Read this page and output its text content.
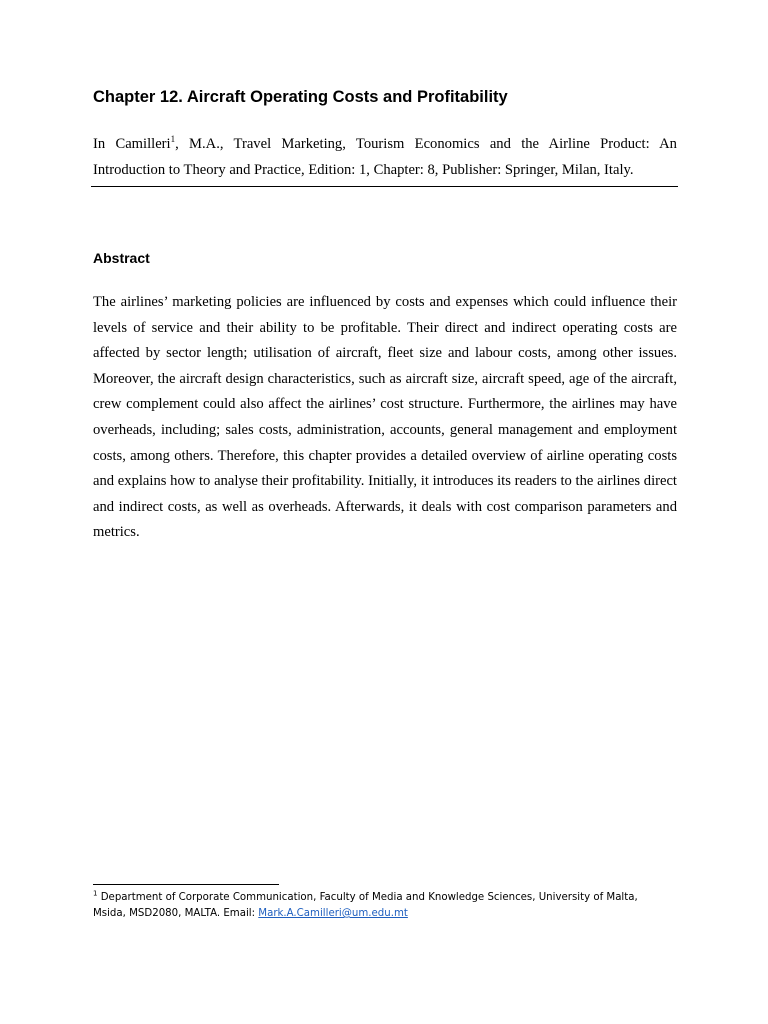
Chapter 12. Aircraft Operating Costs and Profitability

In Camilleri$^1$, M.A., Travel Marketing, Tourism Economics and the Airline Product: An Introduction to Theory and Practice, Edition: 1, Chapter: 8, Publisher: Springer, Milan, Italy.

Abstract

The airlines’ marketing policies are influenced by costs and expenses which could influence their levels of service and their ability to be profitable. Their direct and indirect operating costs are affected by sector length; utilisation of aircraft, fleet size and labour costs, among other issues. Moreover, the aircraft design characteristics, such as aircraft size, aircraft speed, age of the aircraft, crew complement could also affect the airlines’ cost structure. Furthermore, the airlines may have overheads, including; sales costs, administration, accounts, general management and employment costs, among others. Therefore, this chapter provides a detailed overview of airline operating costs and explains how to analyse their profitability. Initially, it introduces its readers to the airlines direct and indirect costs, as well as overheads. Afterwards, it deals with cost comparison parameters and metrics.

$^1$ Department of Corporate Communication, Faculty of Media and Knowledge Sciences, University of Malta, Msida, MSD2080, MALTA. Email: Mark.A.Camilleri@um.edu.mt
